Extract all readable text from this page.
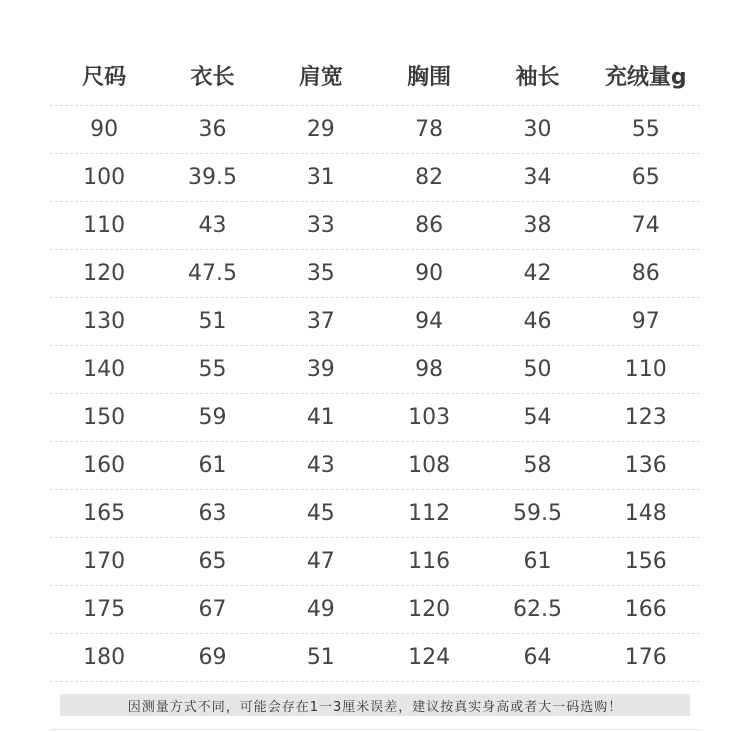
尺码	衣长	肩宽	胸围	袖长	充绒量g
90	36	29	78	30	55
100	39.5	31	82	34	65
110	43	33	86	38	74
120	47.5	35	90	42	86
130	51	37	94	46	97
140	55	39	98	50	110
150	59	41	103	54	123
160	61	43	108	58	136
165	63	45	112	59.5	148
170	65	47	116	61	156
175	67	49	120	62.5	166
180	69	51	124	64	176
因测量方式不同，可能会存在1一3厘米误差，建议按真实身高或者大一码选购！
